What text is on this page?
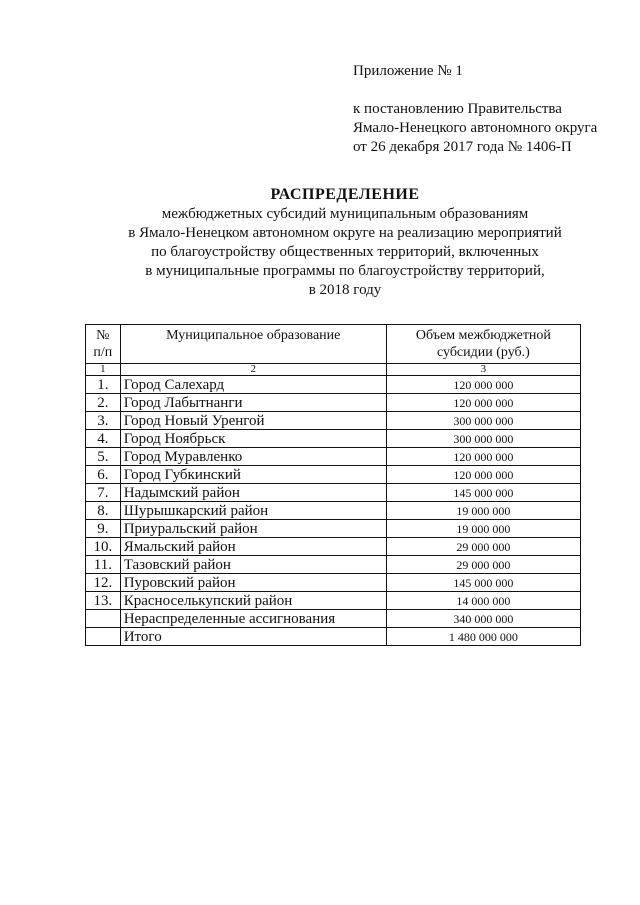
Приложение № 1
к постановлению Правительства
Ямало-Ненецкого автономного округа
от 26 декабря 2017 года № 1406-П
РАСПРЕДЕЛЕНИЕ
межбюджетных субсидий муниципальным образованиям
в Ямало-Ненецком автономном округе на реализацию мероприятий
по благоустройству общественных территорий, включенных
в муниципальные программы по благоустройству территорий,
в 2018 году
№ п/п	Муниципальное образование	Объем межбюджетной субсидии (руб.)
1	2	3
1.	Город Салехард	120 000 000
2.	Город Лабытнанги	120 000 000
3.	Город Новый Уренгой	300 000 000
4.	Город Ноябрьск	300 000 000
5.	Город Муравленко	120 000 000
6.	Город Губкинский	120 000 000
7.	Надымский район	145 000 000
8.	Шурышкарский район	19 000 000
9.	Приуральский район	19 000 000
10.	Ямальский район	29 000 000
11.	Тазовский район	29 000 000
12.	Пуровский район	145 000 000
13.	Красноселькупский район	14 000 000
	Нераспределенные ассигнования	340 000 000
	Итого	1 480 000 000
